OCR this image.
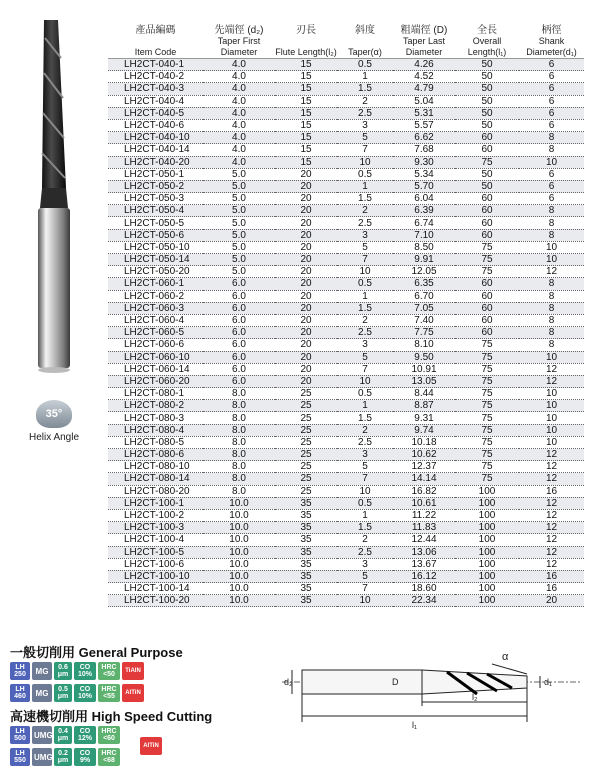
35°
Helix Angle
產品編碼	先端徑 (d₂)	刃長	斜度	粗端徑 (D)	全長	柄徑
Item Code	Taper First Diameter	Flute Length(l₂)	Taper(α)	Taper Last Diameter	Overall Length(l₁)	Shank Diameter(d₁)
LH2CT-040-1	4.0	15	0.5	4.26	50	6
LH2CT-040-2	4.0	15	1	4.52	50	6
LH2CT-040-3	4.0	15	1.5	4.79	50	6
LH2CT-040-4	4.0	15	2	5.04	50	6
LH2CT-040-5	4.0	15	2.5	5.31	50	6
LH2CT-040-6	4.0	15	3	5.57	50	6
LH2CT-040-10	4.0	15	5	6.62	60	8
LH2CT-040-14	4.0	15	7	7.68	60	8
LH2CT-040-20	4.0	15	10	9.30	75	10
LH2CT-050-1	5.0	20	0.5	5.34	50	6
LH2CT-050-2	5.0	20	1	5.70	50	6
LH2CT-050-3	5.0	20	1.5	6.04	60	6
LH2CT-050-4	5.0	20	2	6.39	60	8
LH2CT-050-5	5.0	20	2.5	6.74	60	8
LH2CT-050-6	5.0	20	3	7.10	60	8
LH2CT-050-10	5.0	20	5	8.50	75	10
LH2CT-050-14	5.0	20	7	9.91	75	10
LH2CT-050-20	5.0	20	10	12.05	75	12
LH2CT-060-1	6.0	20	0.5	6.35	60	8
LH2CT-060-2	6.0	20	1	6.70	60	8
LH2CT-060-3	6.0	20	1.5	7.05	60	8
LH2CT-060-4	6.0	20	2	7.40	60	8
LH2CT-060-5	6.0	20	2.5	7.75	60	8
LH2CT-060-6	6.0	20	3	8.10	75	8
LH2CT-060-10	6.0	20	5	9.50	75	10
LH2CT-060-14	6.0	20	7	10.91	75	12
LH2CT-060-20	6.0	20	10	13.05	75	12
LH2CT-080-1	8.0	25	0.5	8.44	75	10
LH2CT-080-2	8.0	25	1	8.87	75	10
LH2CT-080-3	8.0	25	1.5	9.31	75	10
LH2CT-080-4	8.0	25	2	9.74	75	10
LH2CT-080-5	8.0	25	2.5	10.18	75	10
LH2CT-080-6	8.0	25	3	10.62	75	12
LH2CT-080-10	8.0	25	5	12.37	75	12
LH2CT-080-14	8.0	25	7	14.14	75	12
LH2CT-080-20	8.0	25	10	16.82	100	16
LH2CT-100-1	10.0	35	0.5	10.61	100	12
LH2CT-100-2	10.0	35	1	11.22	100	12
LH2CT-100-3	10.0	35	1.5	11.83	100	12
LH2CT-100-4	10.0	35	2	12.44	100	12
LH2CT-100-5	10.0	35	2.5	13.06	100	12
LH2CT-100-6	10.0	35	3	13.67	100	12
LH2CT-100-10	10.0	35	5	16.12	100	16
LH2CT-100-14	10.0	35	7	18.60	100	16
LH2CT-100-20	10.0	35	10	22.34	100	20
一般切削用 General Purpose
LH
250	MG	0.6
μm
CO
10%
HRC
<50
TiAlN
LH
460	MG	0.5
μm
CO
10%
HRC
<55
AlTiN
高速機切削用 High Speed Cutting
LH
500 UMG 0.4
μm
CO
12%
HRC
<60
LH
550 UMG 0.2
μm
CO
9%
HRC
<68
AlTiN
d₂	D	d₁
α
l₂
l₁
